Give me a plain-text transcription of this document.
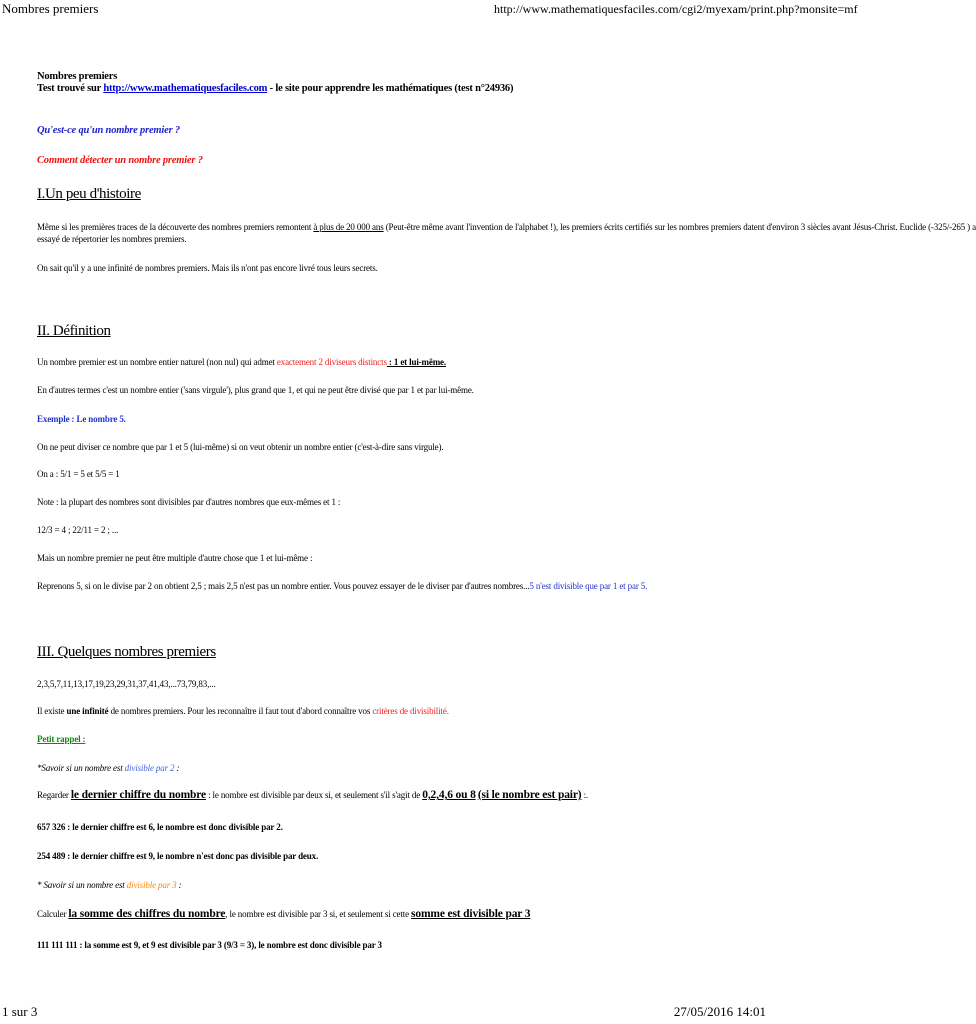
Nombres premiers	http://www.mathematiquesfaciles.com/cgi2/myexam/print.php?monsite=mf

Nombres premiers

Test trouvé sur http://www.mathematiquesfaciles.com - le site pour apprendre les mathématiques (test n°24936)

Qu'est-ce qu'un nombre premier ?

Comment détecter un nombre premier ?

I.Un peu d'histoire

Même si les premières traces de la découverte des nombres premiers remontent à plus de 20 000 ans (Peut-être même avant l'invention de l'alphabet !), les premiers écrits certifiés sur les nombres premiers datent d'environ 3 siècles avant Jésus-Christ. Euclide (-325/-265 ) a

essayé de répertorier les nombres premiers.

On sait qu'il y a une infinité de nombres premiers. Mais ils n'ont pas encore livré tous leurs secrets.

II. Définition

Un nombre premier est un nombre entier naturel (non nul) qui admet exactement 2 diviseurs distincts : 1 et lui-même.

En d'autres termes c'est un nombre entier ('sans virgule'), plus grand que 1, et qui ne peut être divisé que par 1 et par lui-même.

Exemple : Le nombre 5.

On ne peut diviser ce nombre que par 1 et 5 (lui-même) si on veut obtenir un nombre entier (c'est-à-dire sans virgule).

On a : 5/1 = 5 et 5/5 = 1

Note : la plupart des nombres sont divisibles par d'autres nombres que eux-mêmes et 1 :

12/3 = 4 ; 22/11 = 2 ; ...

Mais un nombre premier ne peut être multiple d'autre chose que 1 et lui-même :

Reprenons 5, si on le divise par 2 on obtient 2,5 ; mais 2,5 n'est pas un nombre entier. Vous pouvez essayer de le diviser par d'autres nombres...5 n'est divisible que par 1 et par 5.

III. Quelques nombres premiers

2,3,5,7,11,13,17,19,23,29,31,37,41,43,...73,79,83,...

Il existe une infinité de nombres premiers. Pour les reconnaître il faut tout d'abord connaître vos critères de divisibilité.

Petit rappel :

*Savoir si un nombre est divisible par 2 :

Regarder le dernier chiffre du nombre : le nombre est divisible par deux si, et seulement s'il s'agit de 0,2,4,6 ou 8 (si le nombre est pair) :.

657 326 : le dernier chiffre est 6, le nombre est donc divisible par 2.

254 489 : le dernier chiffre est 9, le nombre n'est donc pas divisible par deux.

* Savoir si un nombre est divisible par 3 :

Calculer la somme des chiffres du nombre, le nombre est divisible par 3 si, et seulement si cette somme est divisible par 3

111 111 111 : la somme est 9, et 9 est divisible par 3 (9/3 = 3), le nombre est donc divisible par 3

1 sur 3	27/05/2016 14:01
